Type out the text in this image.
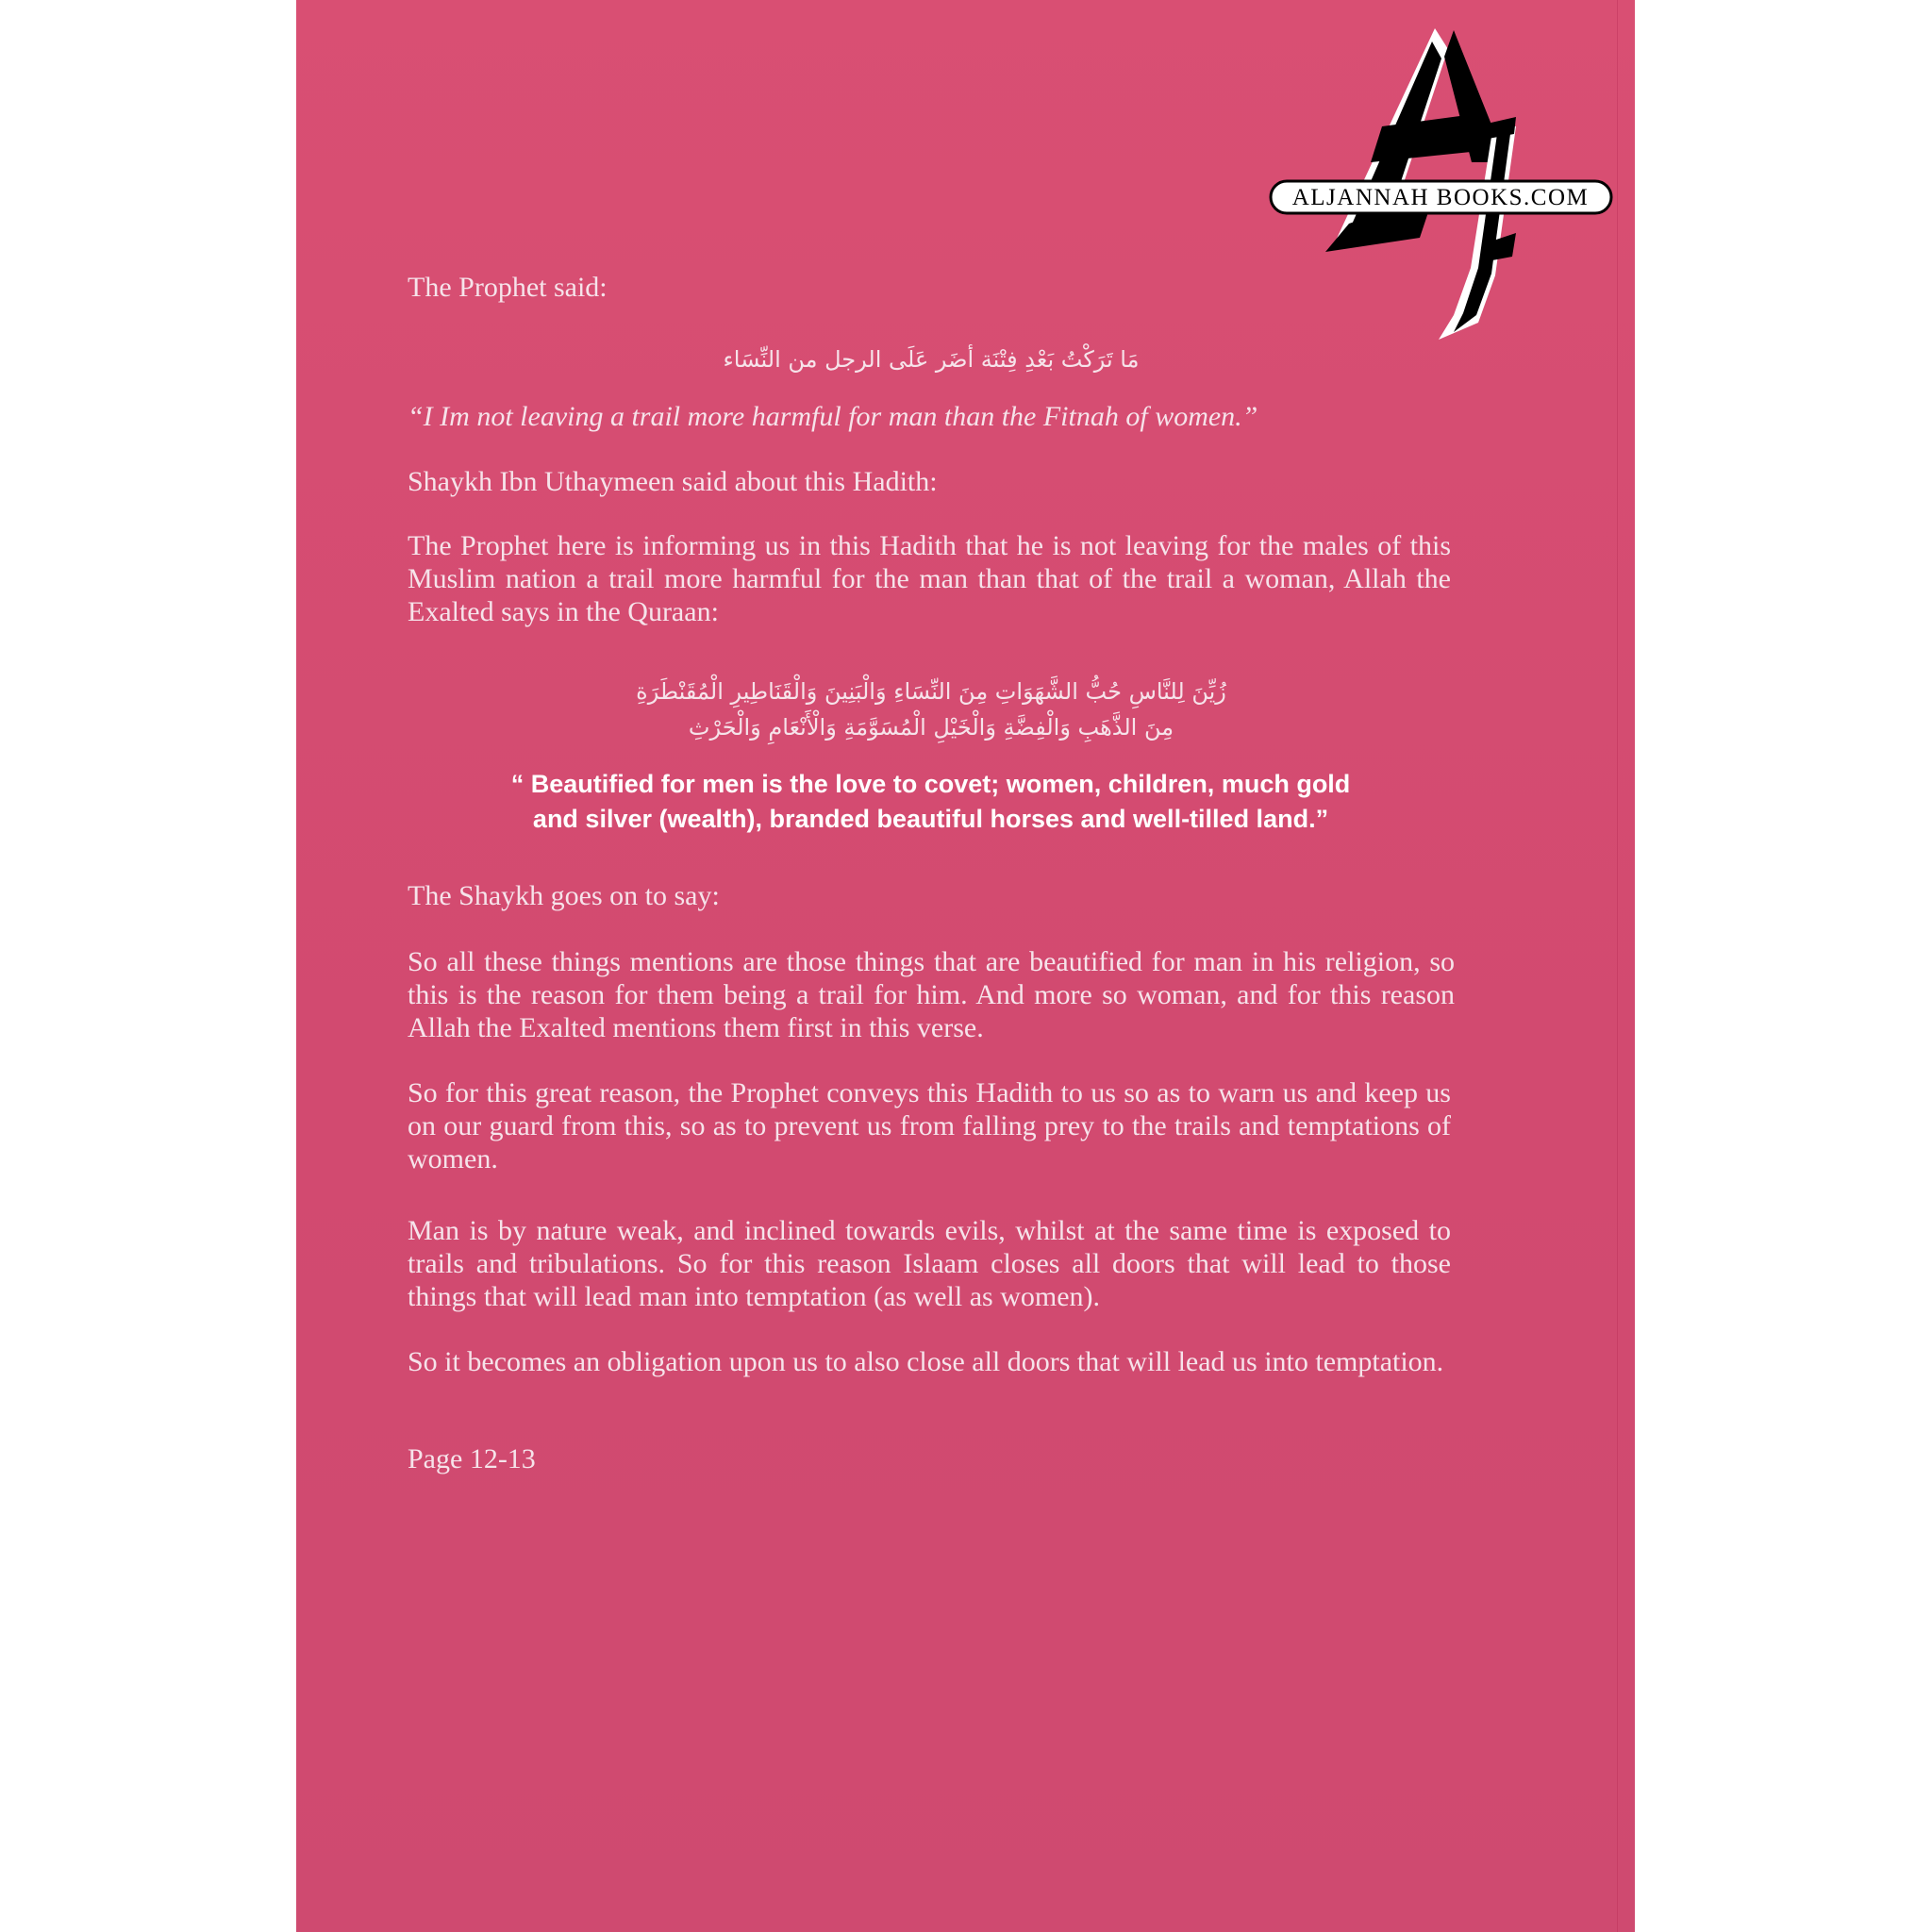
The Prophet said:

مَا تَرَكْتُ بَعْدِ فِتْنَة أضَر عَلَى الرجل من النِّسَاء

“I Im not leaving a trail more harmful for man than the Fitnah of women.”

Shaykh Ibn Uthaymeen said about this Hadith:

The Prophet here is informing us in this Hadith that he is not leaving for the males of this Muslim nation a trail more harmful for the man than that of the trail a woman, Allah the Exalted says in the Quraan:

زُيِّنَ لِلنَّاسِ حُبُّ الشَّهَوَاتِ مِنَ النِّسَاءِ وَالْبَنِينَ وَالْقَنَاطِيرِ الْمُقَنْطَرَةِ

مِنَ الذَّهَبِ وَالْفِضَّةِ وَالْخَيْلِ الْمُسَوَّمَةِ وَالْأَنْعَامِ وَالْحَرْثِ

“ Beautified for men is the love to covet; women, children, much gold

and silver (wealth), branded beautiful horses and well-tilled land.”

The Shaykh goes on to say:

So all these things mentions are those things that are beautified for man in his religion, so this is the reason for them being a trail for him. And more so woman, and for this reason Allah the Exalted mentions them first in this verse.

So for this great reason, the Prophet conveys this Hadith to us so as to warn us and keep us on our guard from this, so as to prevent us from falling prey to the trails and temptations of women.

Man is by nature weak, and inclined towards evils, whilst at the same time is exposed to trails and tribulations. So for this reason Islaam closes all doors that will lead to those things that will lead man into temptation (as well as women).

So it becomes an obligation upon us to also close all doors that will lead us into temptation.

Page 12-13

ALJANNAH BOOKS.COM
